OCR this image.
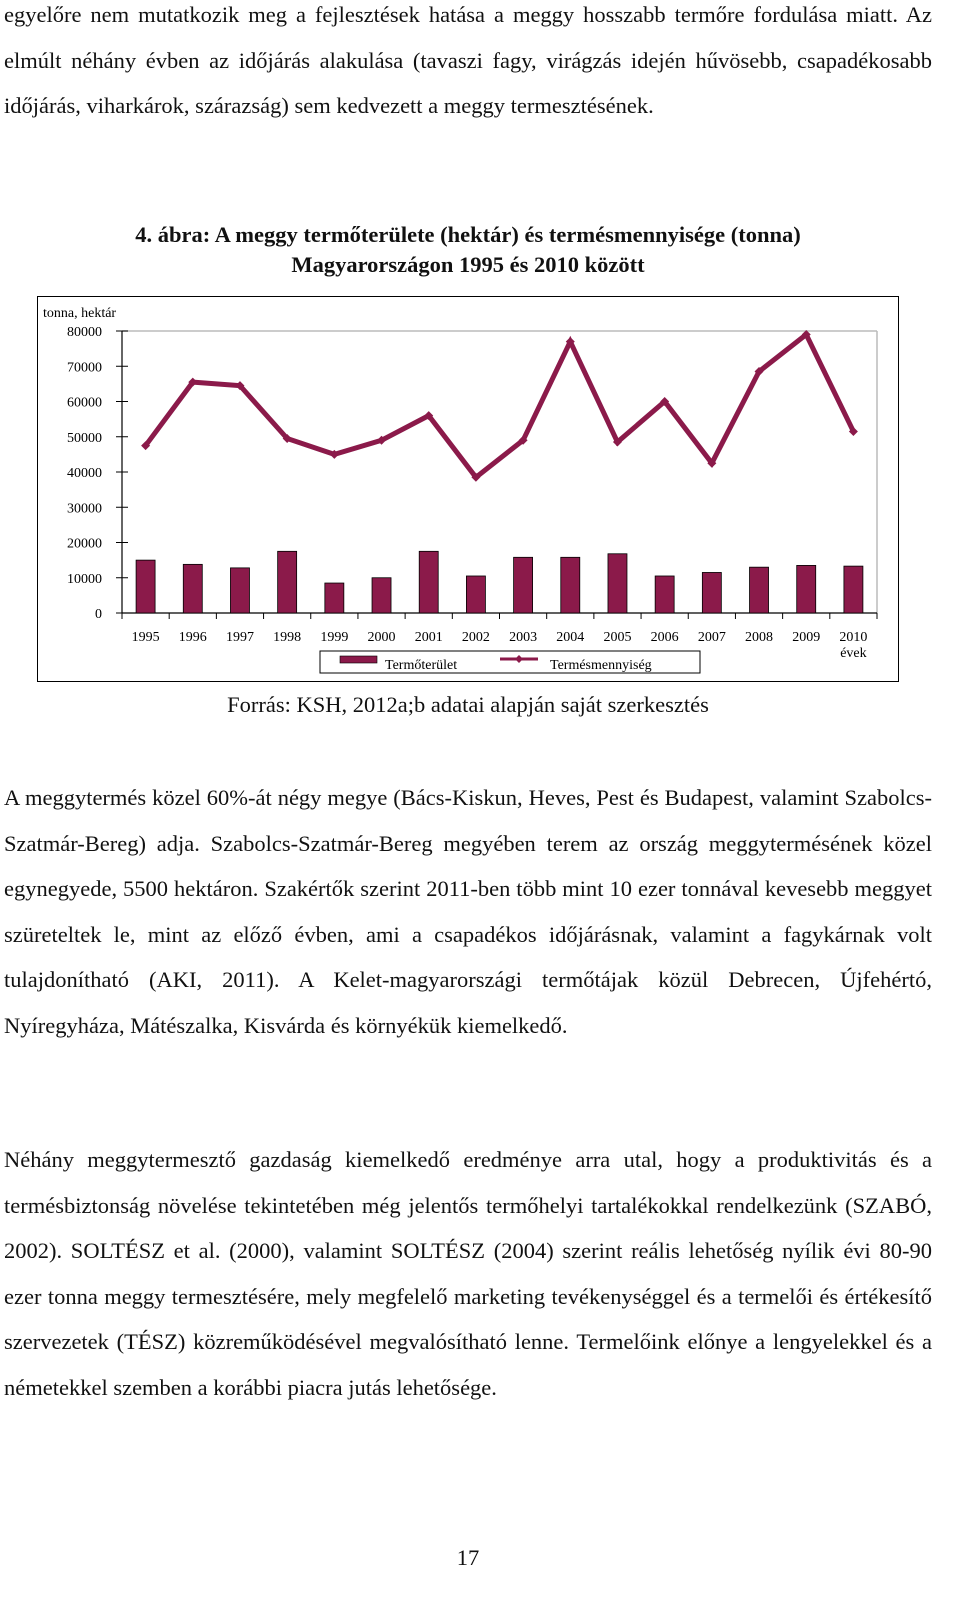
egyelőre nem mutatkozik meg a fejlesztések hatása a meggy hosszabb termőre fordulása miatt. Az elmúlt néhány évben az időjárás alakulása (tavaszi fagy, virágzás idején hűvösebb, csapadékosabb időjárás, viharkárok, szárazság) sem kedvezett a meggy termesztésének.

4. ábra: A meggy termőterülete (hektár) és termésmennyisége (tonna)
Magyarországon 1995 és 2010 között
0
10000
20000
30000
40000
50000
60000
70000
80000
tonna, hektár
1995 1996 1997 1998 1999 2000 2001 2002 2003 2004 2005 2006 2007 2008 2009 2010
évek
Termőterület	Termésmennyiség

Forrás: KSH, 2012a;b adatai alapján saját szerkesztés

A meggytermés közel 60%-át négy megye (Bács-Kiskun, Heves, Pest és Budapest, valamint Szabolcs-Szatmár-Bereg) adja. Szabolcs-Szatmár-Bereg megyében terem az ország meggytermésének közel egynegyede, 5500 hektáron. Szakértők szerint 2011-ben több mint 10 ezer tonnával kevesebb meggyet szüreteltek le, mint az előző évben, ami a csapadékos időjárásnak, valamint a fagykárnak volt tulajdonítható (AKI, 2011). A Kelet-magyarországi termőtájak közül Debrecen, Újfehértó, Nyíregyháza, Mátészalka, Kisvárda és környékük kiemelkedő.

Néhány meggytermesztő gazdaság kiemelkedő eredménye arra utal, hogy a produktivitás és a termésbiztonság növelése tekintetében még jelentős termőhelyi tartalékokkal rendelkezünk (SZABÓ, 2002). SOLTÉSZ et al. (2000), valamint SOLTÉSZ (2004) szerint reális lehetőség nyílik évi 80-90 ezer tonna meggy termesztésére, mely megfelelő marketing tevékenységgel és a termelői és értékesítő szervezetek (TÉSZ) közreműködésével megvalósítható lenne. Termelőink előnye a lengyelekkel és a németekkel szemben a korábbi piacra jutás lehetősége.

17
